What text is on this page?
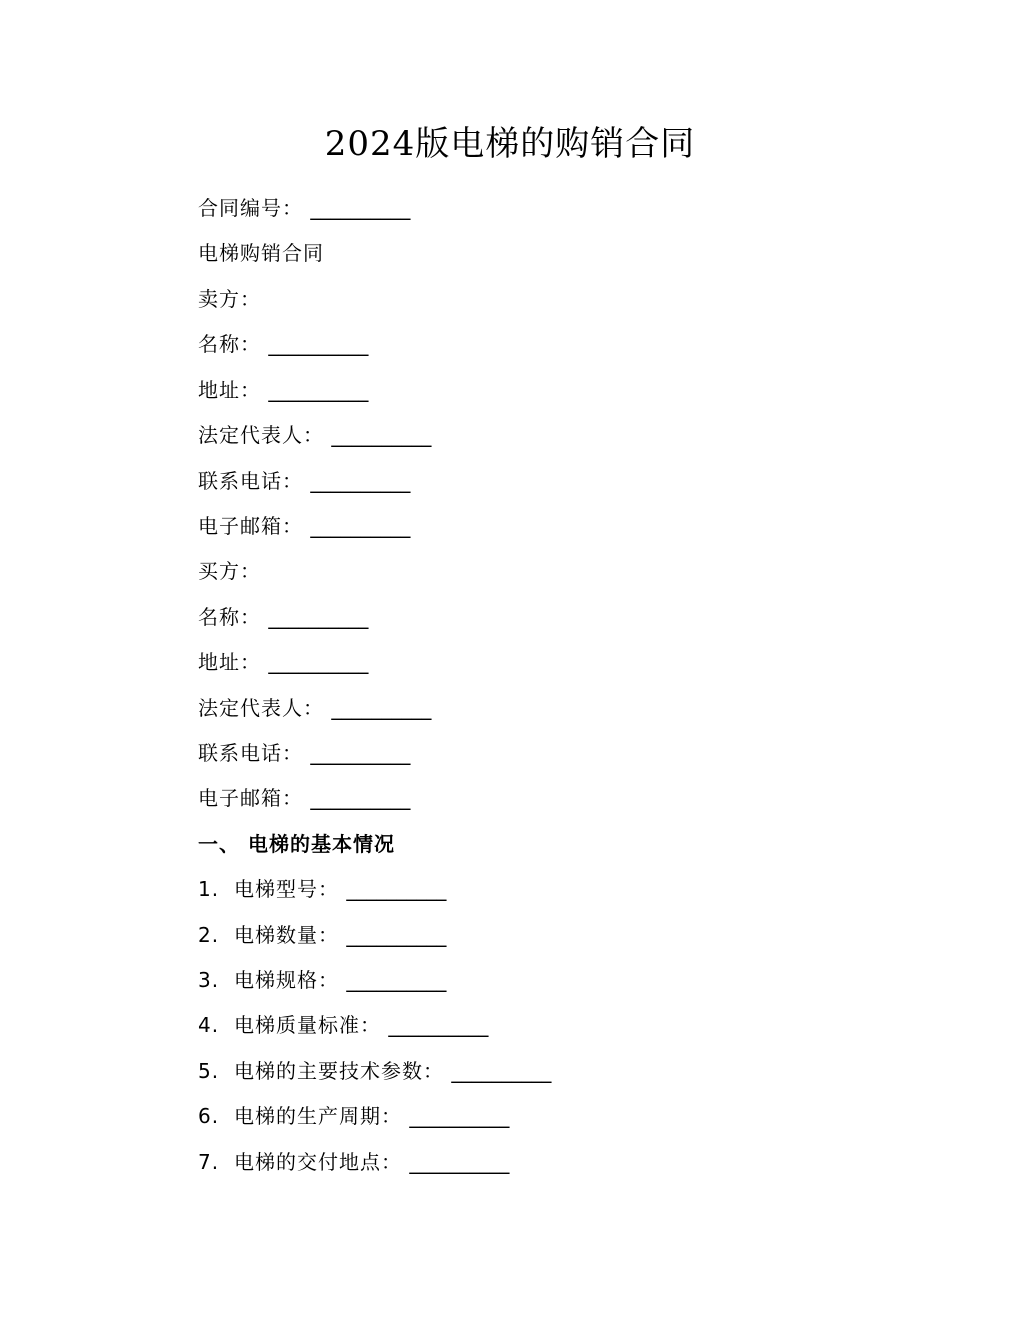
2024版电梯的购销合同
合同编号： __________
电梯购销合同
卖方：
名称： __________
地址： __________
法定代表人： __________
联系电话： __________
电子邮箱： __________
买方：
名称： __________
地址： __________
法定代表人： __________
联系电话： __________
电子邮箱： __________
一、 电梯的基本情况
1. 电梯型号： __________
2. 电梯数量： __________
3. 电梯规格： __________
4. 电梯质量标准： __________
5. 电梯的主要技术参数： __________
6. 电梯的生产周期： __________
7. 电梯的交付地点： __________
